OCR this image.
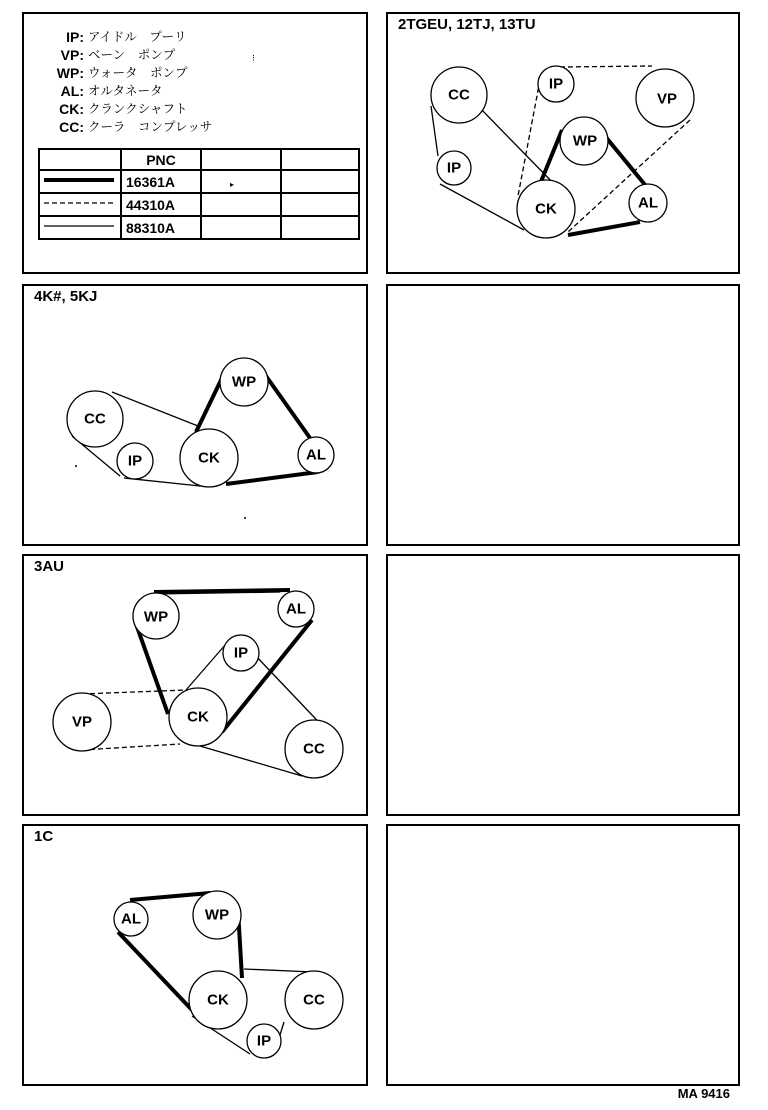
IP: アイドル　プーリ
VP: ベーン　ポンプ
WP: ウォータ　ポンプ
AL: オルタネータ
CK: クランクシャフト
CC: クーラ　コンプレッサ
	PNC		
	16361A	▸	
	44310A		
	88310A		
⁝
2TGEU, 12TJ, 13TU
4K#, 5KJ
3AU
1C
CC
IP
IP
VP
WP
CK	AL
CC
IP	CK
WP
AL
WP	AL
IP
VP	CK
CC
AL	WP
CK	CC
IP
MA 9416
